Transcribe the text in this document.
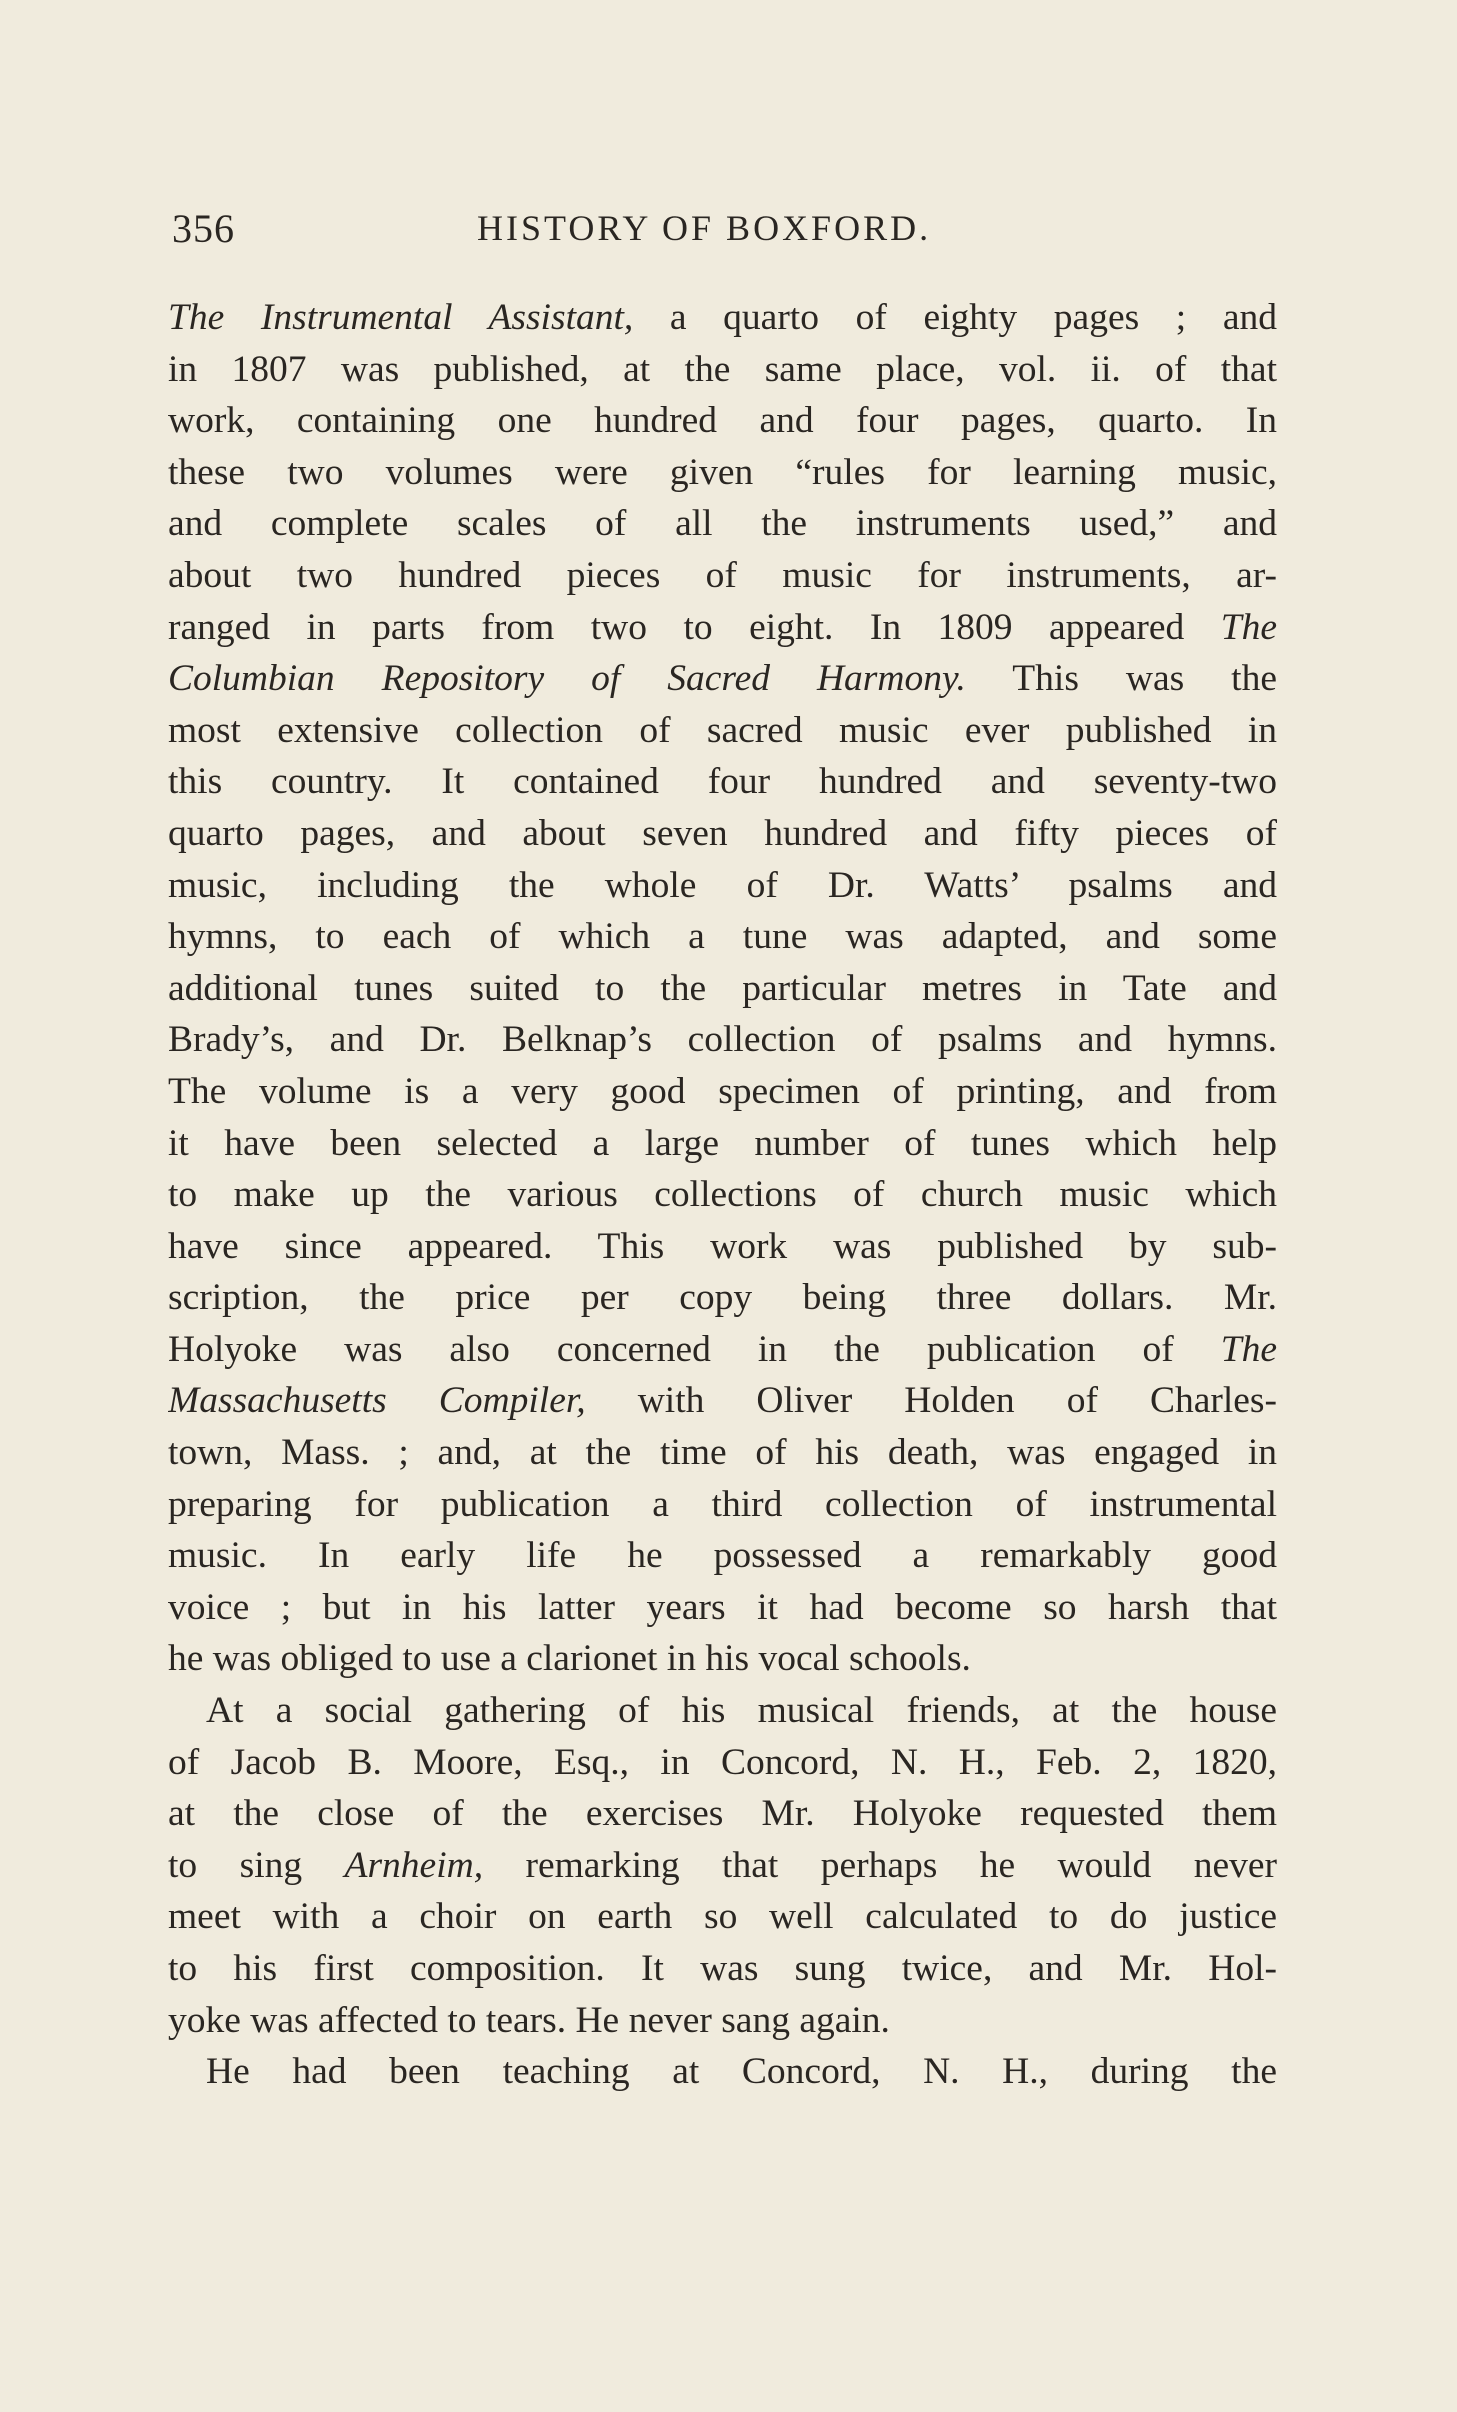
356	HISTORY OF BOXFORD.
The Instrumental Assistant, a quarto of eighty pages ; and
in 1807 was published, at the same place, vol. ii. of that
work, containing one hundred and four pages, quarto. In
these two volumes were given “rules for learning music,
and complete scales of all the instruments used,” and
about two hundred pieces of music for instruments, ar-
ranged in parts from two to eight. In 1809 appeared The
Columbian Repository of Sacred Harmony. This was the
most extensive collection of sacred music ever published in
this country. It contained four hundred and seventy-two
quarto pages, and about seven hundred and fifty pieces of
music, including the whole of Dr. Watts’ psalms and
hymns, to each of which a tune was adapted, and some
additional tunes suited to the particular metres in Tate and
Brady’s, and Dr. Belknap’s collection of psalms and hymns.
The volume is a very good specimen of printing, and from
it have been selected a large number of tunes which help
to make up the various collections of church music which
have since appeared. This work was published by sub-
scription, the price per copy being three dollars. Mr.
Holyoke was also concerned in the publication of The
Massachusetts Compiler, with Oliver Holden of Charles-
town, Mass. ; and, at the time of his death, was engaged in
preparing for publication a third collection of instrumental
music. In early life he possessed a remarkably good
voice ; but in his latter years it had become so harsh that
he was obliged to use a clarionet in his vocal schools.
At a social gathering of his musical friends, at the house
of Jacob B. Moore, Esq., in Concord, N. H., Feb. 2, 1820,
at the close of the exercises Mr. Holyoke requested them
to sing Arnheim, remarking that perhaps he would never
meet with a choir on earth so well calculated to do justice
to his first composition. It was sung twice, and Mr. Hol-
yoke was affected to tears. He never sang again.
He had been teaching at Concord, N. H., during the
